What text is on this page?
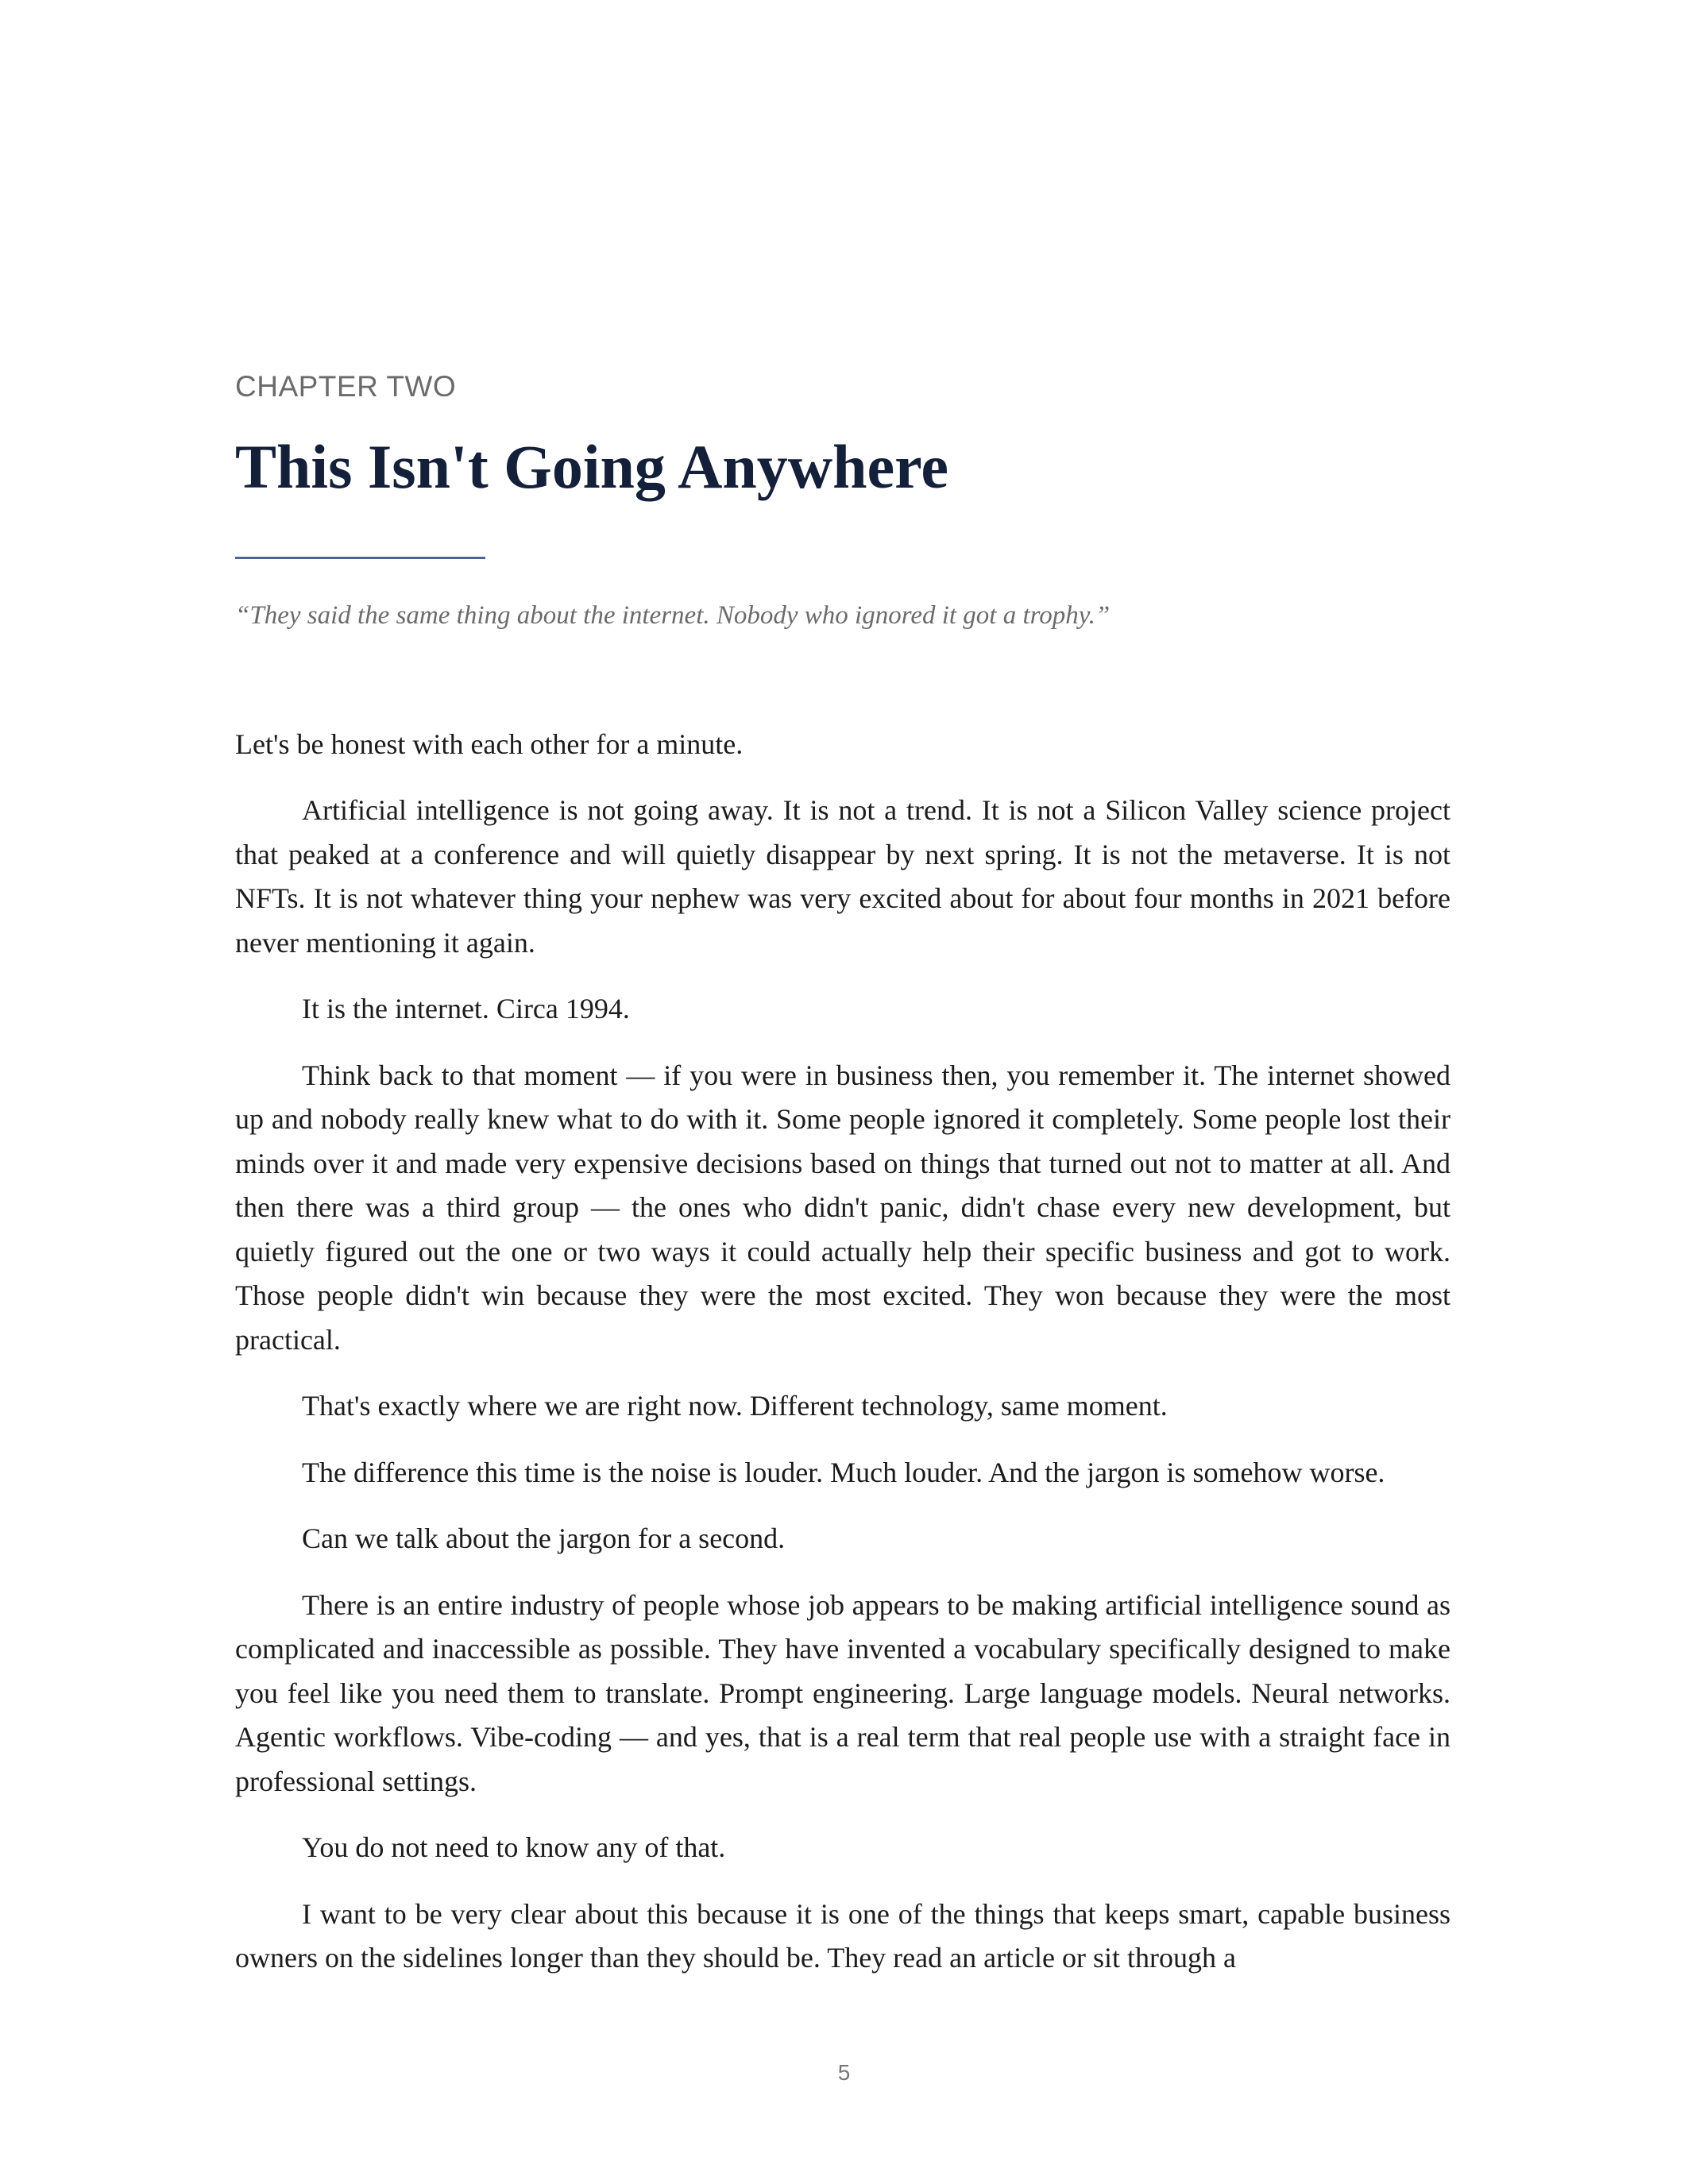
CHAPTER TWO
This Isn't Going Anywhere
“They said the same thing about the internet. Nobody who ignored it got a trophy.”

Let's be honest with each other for a minute.

Artificial intelligence is not going away. It is not a trend. It is not a Silicon Valley science project that peaked at a conference and will quietly disappear by next spring. It is not the metaverse. It is not NFTs. It is not whatever thing your nephew was very excited about for about four months in 2021 before never mentioning it again.

It is the internet. Circa 1994.

Think back to that moment — if you were in business then, you remember it. The internet showed up and nobody really knew what to do with it. Some people ignored it completely. Some people lost their minds over it and made very expensive decisions based on things that turned out not to matter at all. And then there was a third group — the ones who didn't panic, didn't chase every new development, but quietly figured out the one or two ways it could actually help their specific business and got to work. Those people didn't win because they were the most excited. They won because they were the most practical.

That's exactly where we are right now. Different technology, same moment.

The difference this time is the noise is louder. Much louder. And the jargon is somehow worse.

Can we talk about the jargon for a second.

There is an entire industry of people whose job appears to be making artificial intelligence sound as complicated and inaccessible as possible. They have invented a vocabulary specifically designed to make you feel like you need them to translate. Prompt engineering. Large language models. Neural networks. Agentic workflows. Vibe-coding — and yes, that is a real term that real people use with a straight face in professional settings.

You do not need to know any of that.

I want to be very clear about this because it is one of the things that keeps smart, capable business owners on the sidelines longer than they should be. They read an article or sit through a

5
